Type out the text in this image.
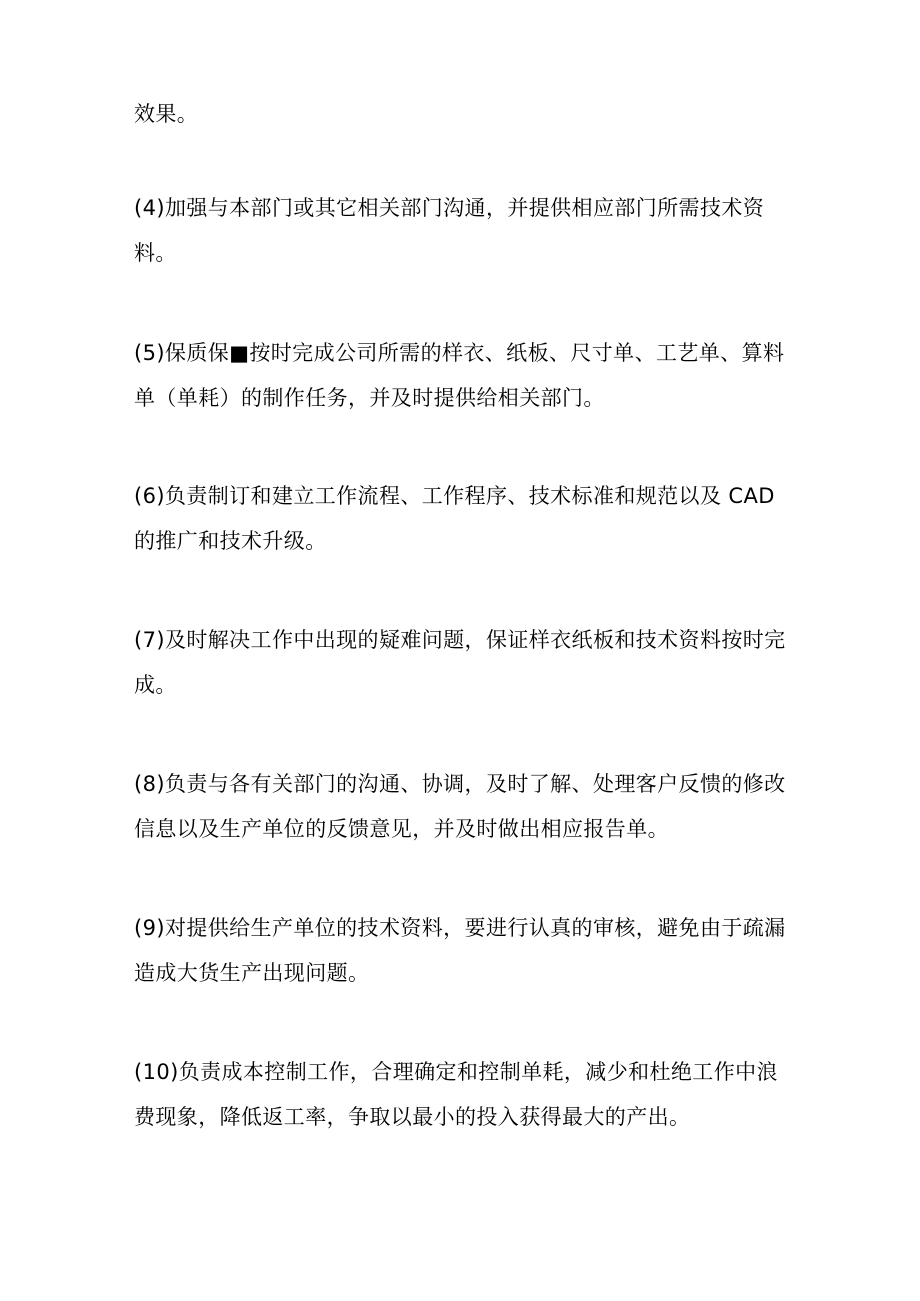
效果。

(4)加强与本部门或其它相关部门沟通，并提供相应部门所需技术资
料。

(5)保质保■按时完成公司所需的样衣、纸板、尺寸单、工艺单、算料
单（单耗）的制作任务，并及时提供给相关部门。

(6)负责制订和建立工作流程、工作程序、技术标准和规范以及 CAD
的推广和技术升级。

(7)及时解决工作中出现的疑难问题，保证样衣纸板和技术资料按时完
成。

(8)负责与各有关部门的沟通、协调，及时了解、处理客户反愦的修改
信息以及生产单位的反馈意见，并及时做出相应报告单。

(9)对提供给生产单位的技术资料，要进行认真的审核，避免由于疏漏
造成大货生产出现问题。

(10)负责成本控制工作，合理确定和控制单耗，减少和杜绝工作中浪
费现象，降低返工率，争取以最小的投入获得最大的产出。
